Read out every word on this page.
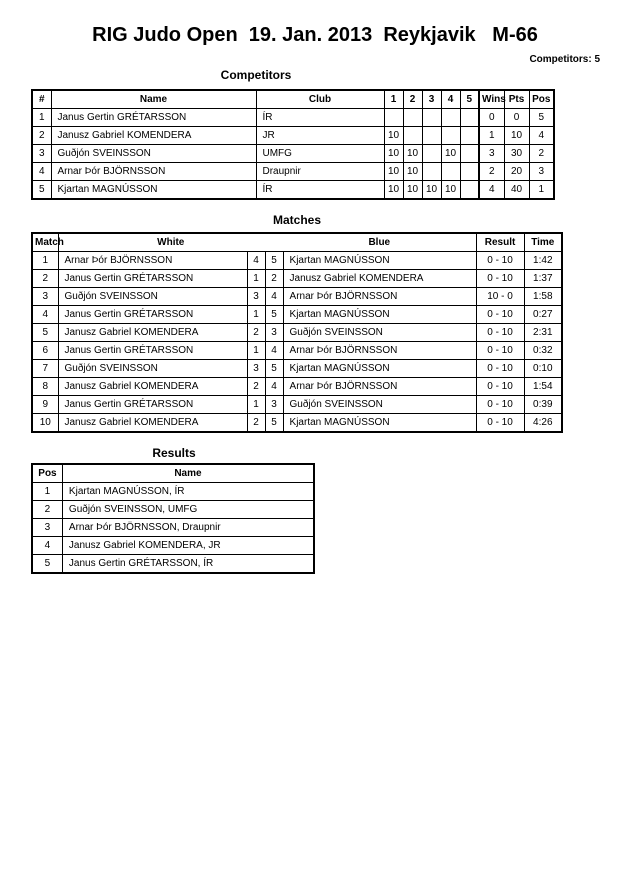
RIG Judo Open  19. Jan. 2013  Reykjavik   M-66
Competitors: 5
Competitors
#	Name	Club	1	2	3	4	5	Wins	Pts	Pos
1	Janus Gertin GRÉTARSSON	ÍR						0	0	5
2	Janusz Gabriel KOMENDERA	JR	10					1	10	4
3	Guðjón SVEINSSON	UMFG	10	10		10		3	30	2
4	Arnar Þór BJÖRNSSON	Draupnir	10	10				2	20	3
5	Kjartan MAGNÚSSON	ÍR	10	10	10	10		4	40	1
Matches
Match	White			Blue	Result	Time
1	Arnar Þór BJÖRNSSON	4	5	Kjartan MAGNÚSSON	0 - 10	1:42
2	Janus Gertin GRÉTARSSON	1	2	Janusz Gabriel KOMENDERA	0 - 10	1:37
3	Guðjón SVEINSSON	3	4	Arnar Þór BJÖRNSSON	10 - 0	1:58
4	Janus Gertin GRÉTARSSON	1	5	Kjartan MAGNÚSSON	0 - 10	0:27
5	Janusz Gabriel KOMENDERA	2	3	Guðjón SVEINSSON	0 - 10	2:31
6	Janus Gertin GRÉTARSSON	1	4	Arnar Þór BJÖRNSSON	0 - 10	0:32
7	Guðjón SVEINSSON	3	5	Kjartan MAGNÚSSON	0 - 10	0:10
8	Janusz Gabriel KOMENDERA	2	4	Arnar Þór BJÖRNSSON	0 - 10	1:54
9	Janus Gertin GRÉTARSSON	1	3	Guðjón SVEINSSON	0 - 10	0:39
10	Janusz Gabriel KOMENDERA	2	5	Kjartan MAGNÚSSON	0 - 10	4:26
Results
Pos	Name
1	Kjartan MAGNÚSSON, ÍR
2	Guðjón SVEINSSON, UMFG
3	Arnar Þór BJÖRNSSON, Draupnir
4	Janusz Gabriel KOMENDERA, JR
5	Janus Gertin GRÉTARSSON, ÍR
